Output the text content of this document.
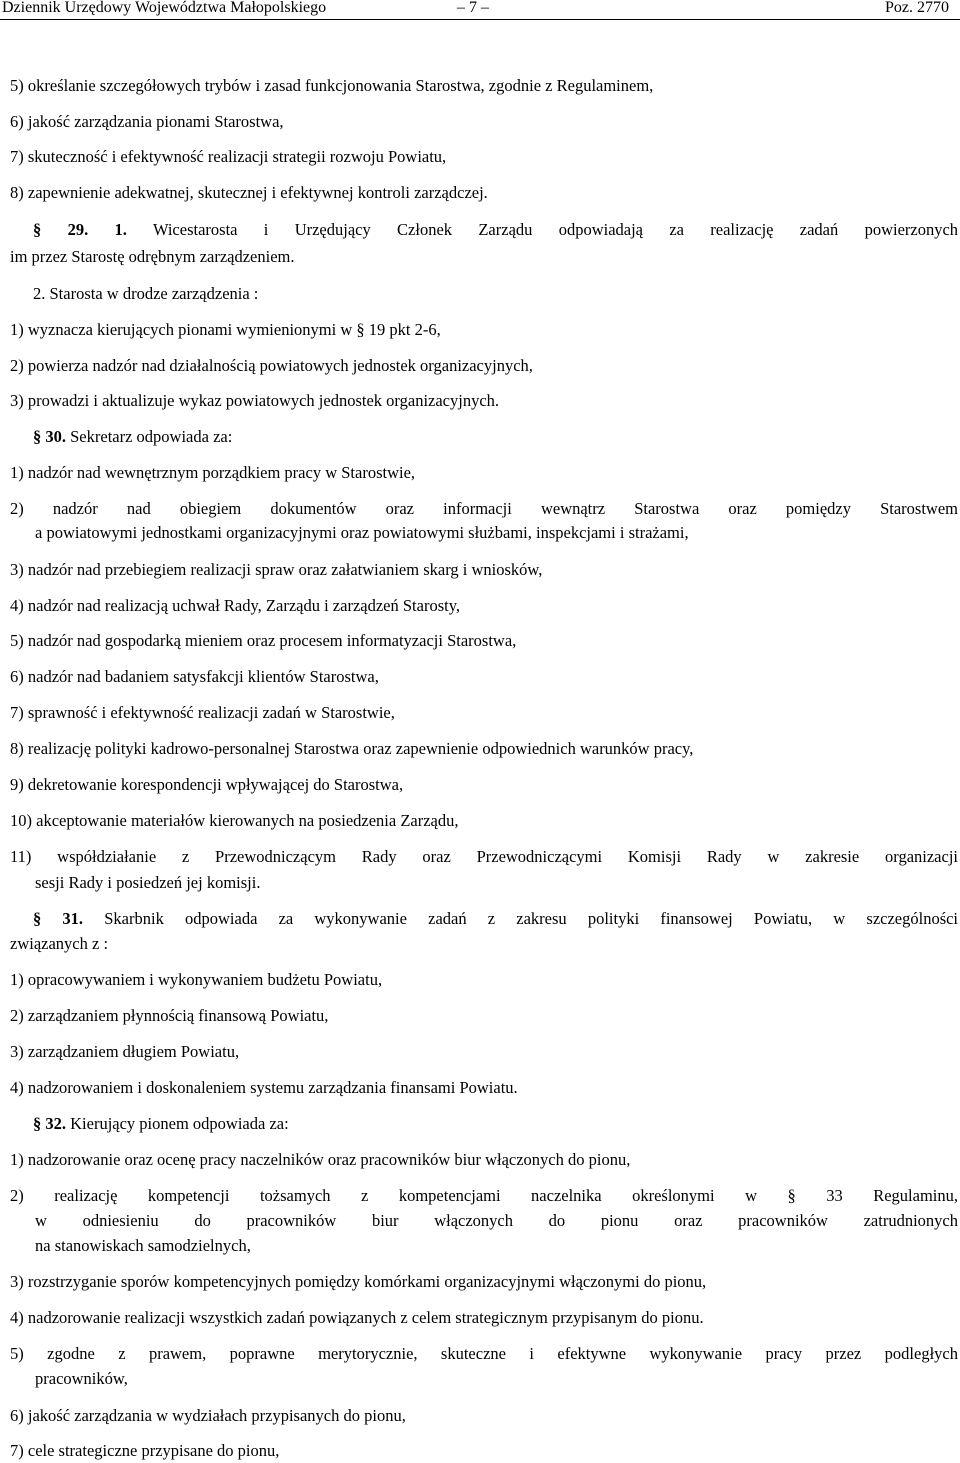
Dziennik Urzędowy Województwa Małopolskiego	– 7 –	Poz. 2770
5) określanie szczegółowych trybów i zasad funkcjonowania Starostwa, zgodnie z Regulaminem,
6) jakość zarządzania pionami Starostwa,
7) skuteczność i efektywność realizacji strategii rozwoju Powiatu,
8) zapewnienie adekwatnej, skutecznej i efektywnej kontroli zarządczej.
§ 29. 1. Wicestarosta i Urzędujący Członek Zarządu odpowiadają za realizację zadań powierzonych
im przez Starostę odrębnym zarządzeniem.
2. Starosta w drodze zarządzenia :
1) wyznacza kierujących pionami wymienionymi w § 19 pkt 2-6,
2) powierza nadzór nad działalnością powiatowych jednostek organizacyjnych,
3) prowadzi i aktualizuje wykaz powiatowych jednostek organizacyjnych.
§ 30. Sekretarz odpowiada za:
1) nadzór nad wewnętrznym porządkiem pracy w Starostwie,
2) nadzór nad obiegiem dokumentów oraz informacji wewnątrz Starostwa oraz pomiędzy Starostwem
a powiatowymi jednostkami organizacyjnymi oraz powiatowymi służbami, inspekcjami i strażami,
3) nadzór nad przebiegiem realizacji spraw oraz załatwianiem skarg i wniosków,
4) nadzór nad realizacją uchwał Rady, Zarządu i zarządzeń Starosty,
5) nadzór nad gospodarką mieniem oraz procesem informatyzacji Starostwa,
6) nadzór nad badaniem satysfakcji klientów Starostwa,
7) sprawność i efektywność realizacji zadań w Starostwie,
8) realizację polityki kadrowo-personalnej Starostwa oraz zapewnienie odpowiednich warunków pracy,
9) dekretowanie korespondencji wpływającej do Starostwa,
10) akceptowanie materiałów kierowanych na posiedzenia Zarządu,
11) współdziałanie z Przewodniczącym Rady oraz Przewodniczącymi Komisji Rady w zakresie organizacji
sesji Rady i posiedzeń jej komisji.
§ 31. Skarbnik odpowiada za wykonywanie zadań z zakresu polityki finansowej Powiatu, w szczególności
związanych z :
1) opracowywaniem i wykonywaniem budżetu Powiatu,
2) zarządzaniem płynnością finansową Powiatu,
3) zarządzaniem długiem Powiatu,
4) nadzorowaniem i doskonaleniem systemu zarządzania finansami Powiatu.
§ 32. Kierujący pionem odpowiada za:
1) nadzorowanie oraz ocenę pracy naczelników oraz pracowników biur włączonych do pionu,
2) realizację kompetencji tożsamych z kompetencjami naczelnika określonymi w § 33 Regulaminu,
w odniesieniu do pracowników biur włączonych do pionu oraz pracowników zatrudnionych
na stanowiskach samodzielnych,
3) rozstrzyganie sporów kompetencyjnych pomiędzy komórkami organizacyjnymi włączonymi do pionu,
4) nadzorowanie realizacji wszystkich zadań powiązanych z celem strategicznym przypisanym do pionu.
5) zgodne z prawem, poprawne merytorycznie, skuteczne i efektywne wykonywanie pracy przez podległych
pracowników,
6) jakość zarządzania w wydziałach przypisanych do pionu,
7) cele strategiczne przypisane do pionu,
